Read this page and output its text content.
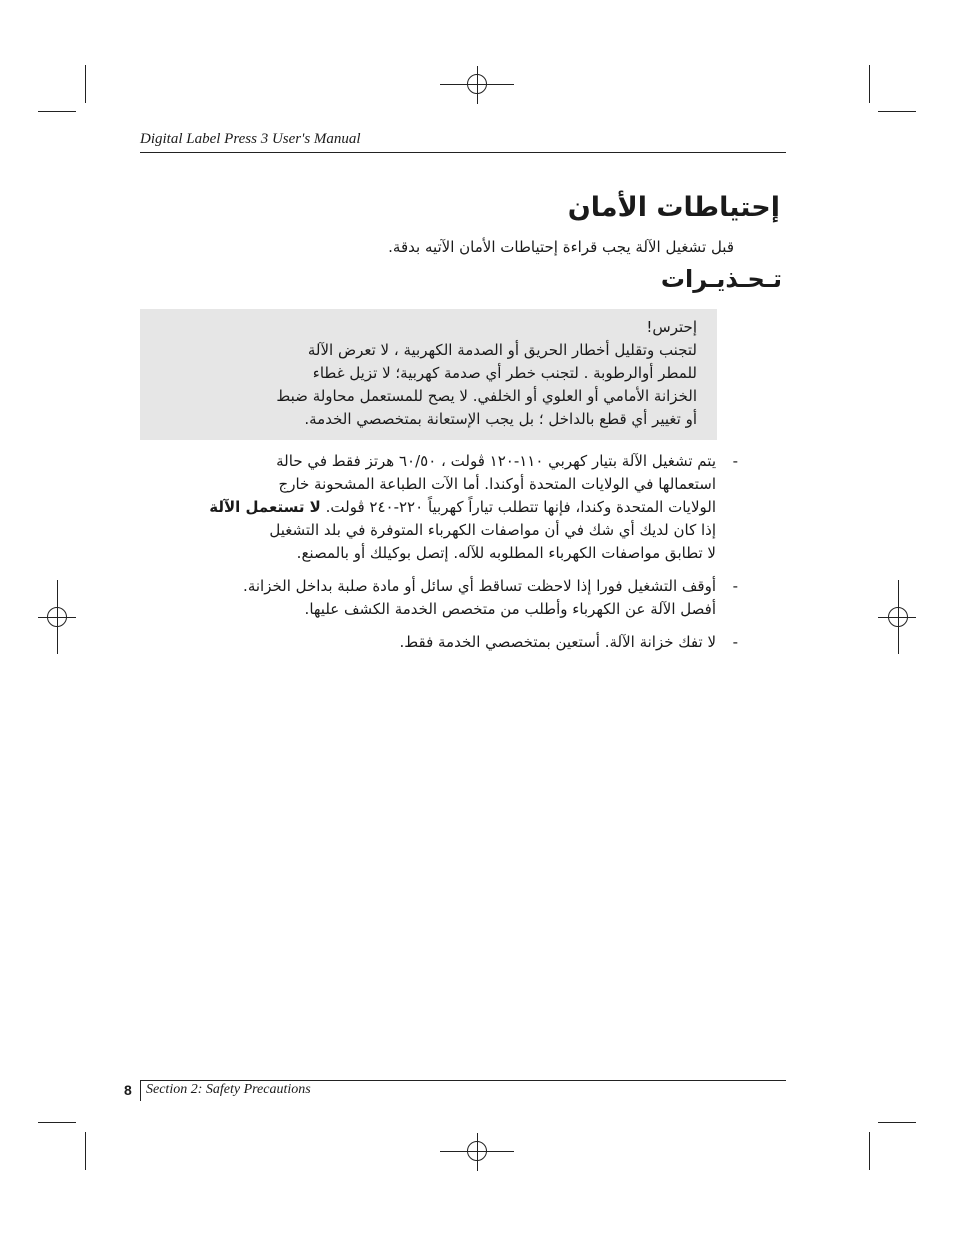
Digital Label Press 3 User's Manual
إحتياطات الأمان
قبل تشغيل الآلة يجب قراءة إحتياطات الأمان الآتيه بدقة.
تـحـذيـرات
إحترس!
لتجنب وتقليل أخطار الحريق أو الصدمة الكهربية ، لا تعرض الآلة
للمطر أوالرطوبة . لتجنب خطر أي صدمة كهربية؛ لا تزيل غطاء
الخزانة الأمامي أو العلوي أو الخلفي. لا يصح للمستعمل محاولة ضبط
أو تغيير أي قطع بالداخل ؛ بل يجب الإستعانة بمتخصصي الخدمة.
-
يتم تشغيل الآلة بتيار كهربي ١١٠-١٢٠ ڤولت ، ٦٠/٥٠ هرتز فقط في حالة
استعمالها في الولايات المتحدة أوكندا. أما الآت الطباعة المشحونة خارج
الولايات المتحدة وكندا، فإنها تتطلب تياراً كهربياً ٢٢٠-٢٤٠ ڤولت. لا تستعمل الآلة
إذا كان لديك أي شك في أن مواصفات الكهرباء المتوفرة في بلد التشغيل
لا تطابق مواصفات الكهرباء المطلوبه للآله. إتصل بوكيلك أو بالمصنع.
-
أوقف التشغيل فورا إذا لاحظت تساقط أي سائل أو مادة صلبة بداخل الخزانة.
أفصل الآلة عن الكهرباء وأطلب من متخصص الخدمة الكشف عليها.
-
لا تفك خزانة الآلة. أستعين بمتخصصي الخدمة فقط.
8 Section 2: Safety Precautions
